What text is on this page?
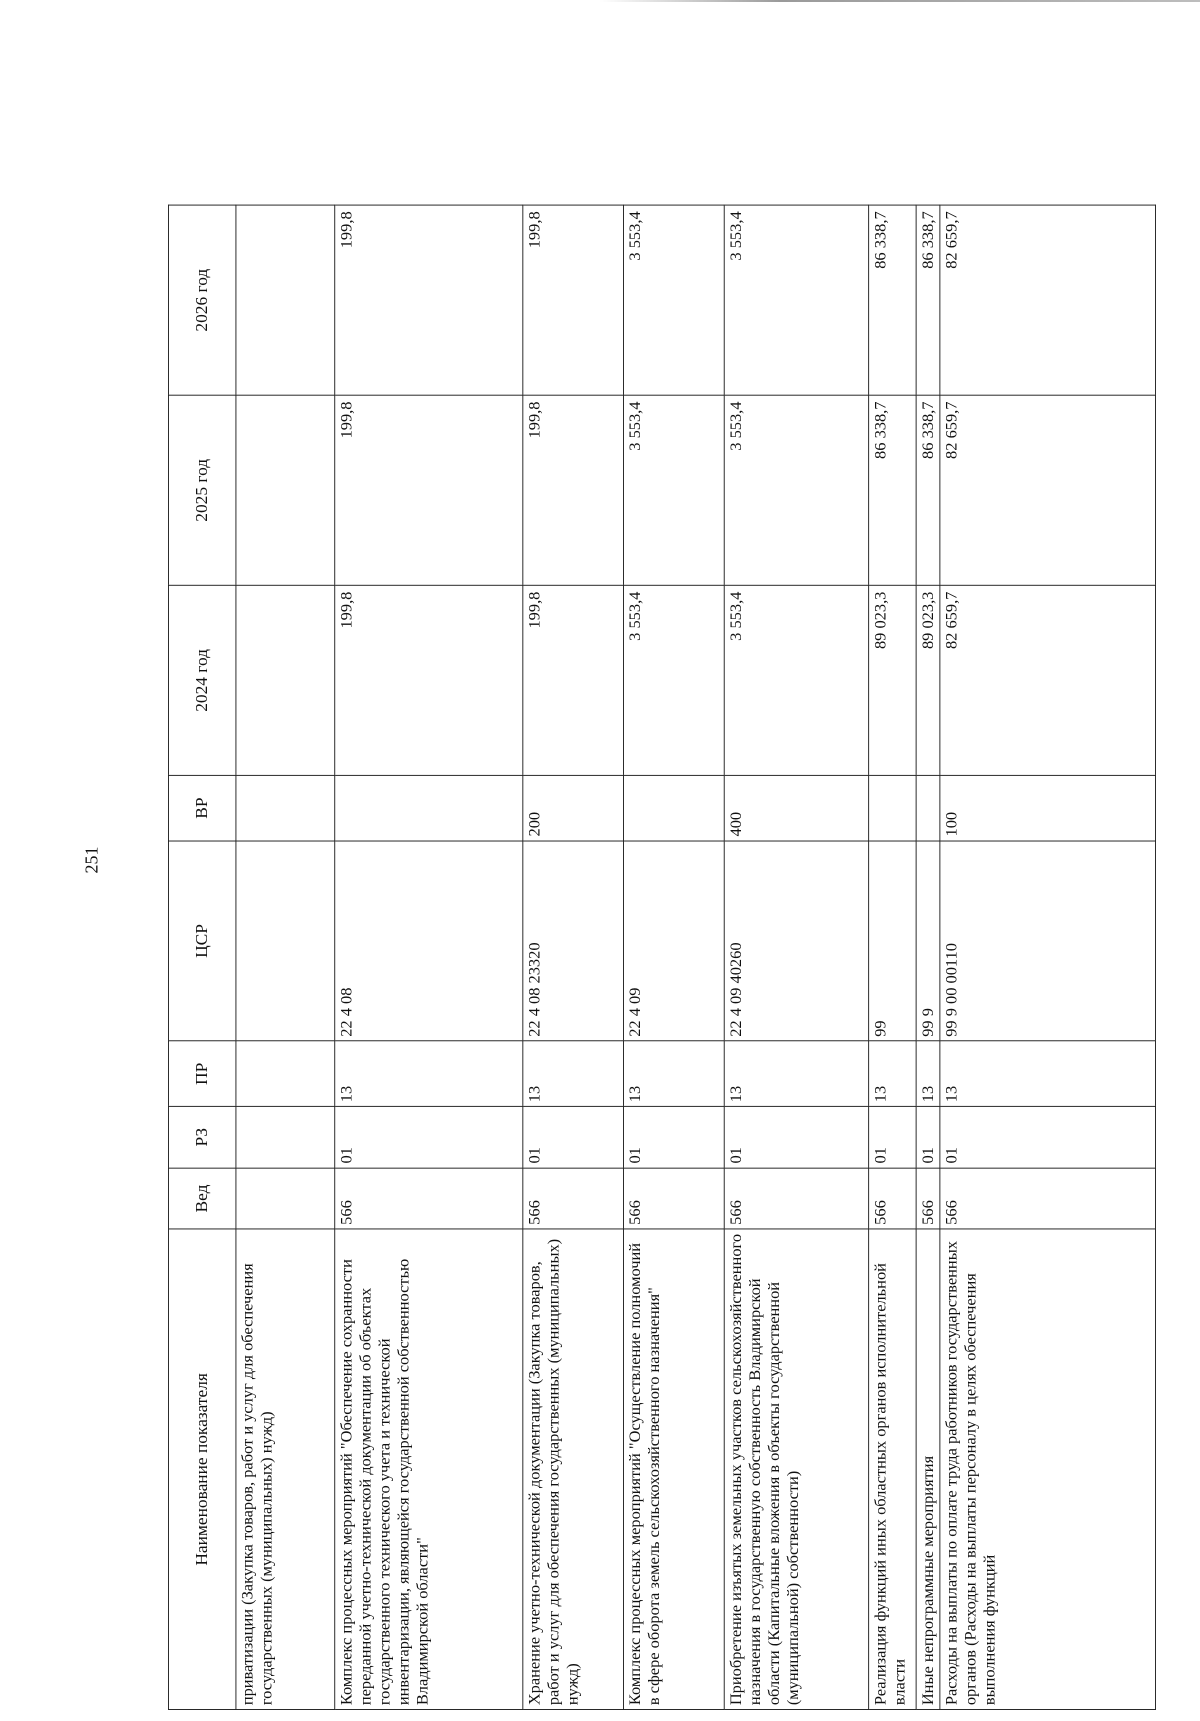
251
Наименование показателя	Вед	РЗ	ПР	ЦСР	ВР	2024 год	2025 год	2026 год
приватизации (Закупка товаров, работ и услуг для обеспечения государственных (муниципальных) нужд)								
Комплекс процессных мероприятий "Обеспечение сохранности переданной учетно-технической документации об объектах государственного технического учета и технической инвентаризации, являющейся государственной собственностью Владимирской области"	566	01	13	22 4 08		199,8	199,8	199,8
Хранение учетно-технической документации (Закупка товаров, работ и услуг для обеспечения государственных (муниципальных) нужд)	566	01	13	22 4 08 23320	200	199,8	199,8	199,8
Комплекс процессных мероприятий "Осуществление полномочий в сфере оборота земель сельскохозяйственного назначения"	566	01	13	22 4 09		3 553,4	3 553,4	3 553,4
Приобретение изъятых земельных участков сельскохозяйственного назначения в государственную собственность Владимирской области (Капитальные вложения в объекты государственной (муниципальной) собственности)	566	01	13	22 4 09 40260	400	3 553,4	3 553,4	3 553,4
Реализация функций иных областных органов исполнительной власти	566	01	13	99		89 023,3	86 338,7	86 338,7
Иные непрограммные мероприятия	566	01	13	99 9		89 023,3	86 338,7	86 338,7
Расходы на выплаты по оплате труда работников государственных органов (Расходы на выплаты персоналу в целях обеспечения выполнения функций	566	01	13	99 9 00 00110	100	82 659,7	82 659,7	82 659,7
